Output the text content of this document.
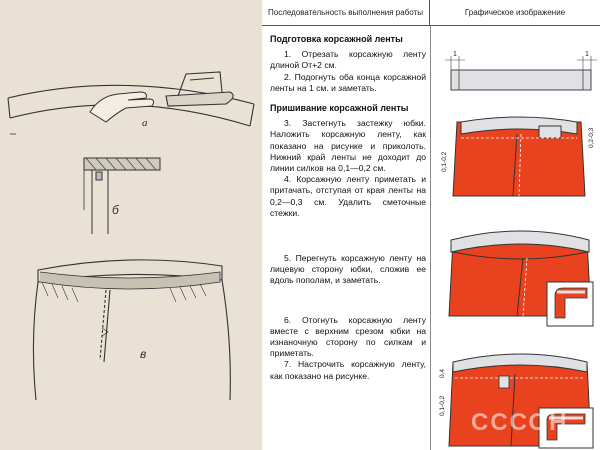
а
б
в
Последовательность выполнения работы	Графическое изображение
Подготовка корсажной ленты

1. Отрезать корсажную ленту длиной От+2 см.

2. Подогнуть оба конца корсажной ленты на 1 см. и заметать.

Пришивание корсажной ленты

3. Застегнуть застежку юбки. Наложить корсажную ленту, как показано на рисунке и приколоть. Нижний край ленты не доходит до линии силков на 0,1—0,2 см.

4. Корсажную ленту приметать и притачать, отступая от края ленты на 0,2—0,3 см. Удалить сметочные стежки.

5. Перегнуть корсажную ленту на лицевую сторону юбки, сложив ее вдоль пополам, и заметать.

6. Отогнуть корсажную ленту вместе с верхним срезом юбки на изнаночную сторону по силкам и приметать.

7. Настрочить корсажную ленту, как показано на рисунке.

1	1
0,1-0,2
0,2-0,3
0,1-0,2
0,4
СССОН
